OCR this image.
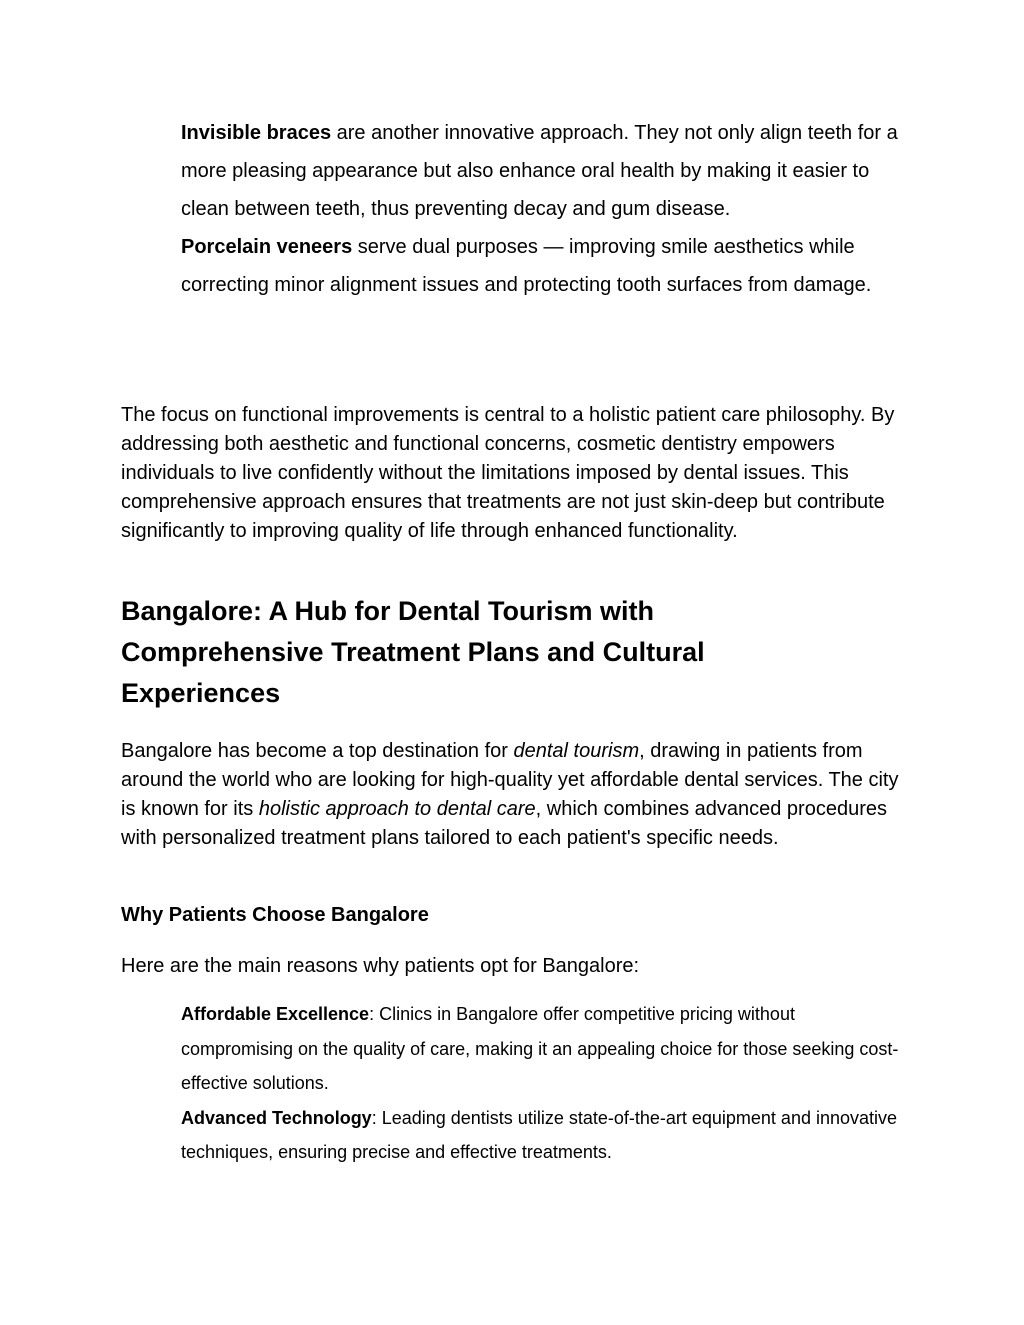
Invisible braces are another innovative approach. They not only align teeth for a more pleasing appearance but also enhance oral health by making it easier to clean between teeth, thus preventing decay and gum disease.
Porcelain veneers serve dual purposes — improving smile aesthetics while correcting minor alignment issues and protecting tooth surfaces from damage.

The focus on functional improvements is central to a holistic patient care philosophy. By addressing both aesthetic and functional concerns, cosmetic dentistry empowers individuals to live confidently without the limitations imposed by dental issues. This comprehensive approach ensures that treatments are not just skin-deep but contribute significantly to improving quality of life through enhanced functionality.

Bangalore: A Hub for Dental Tourism with Comprehensive Treatment Plans and Cultural Experiences

Bangalore has become a top destination for dental tourism, drawing in patients from around the world who are looking for high-quality yet affordable dental services. The city is known for its holistic approach to dental care, which combines advanced procedures with personalized treatment plans tailored to each patient's specific needs.

Why Patients Choose Bangalore

Here are the main reasons why patients opt for Bangalore:

Affordable Excellence: Clinics in Bangalore offer competitive pricing without compromising on the quality of care, making it an appealing choice for those seeking cost-effective solutions.
Advanced Technology: Leading dentists utilize state-of-the-art equipment and innovative techniques, ensuring precise and effective treatments.
